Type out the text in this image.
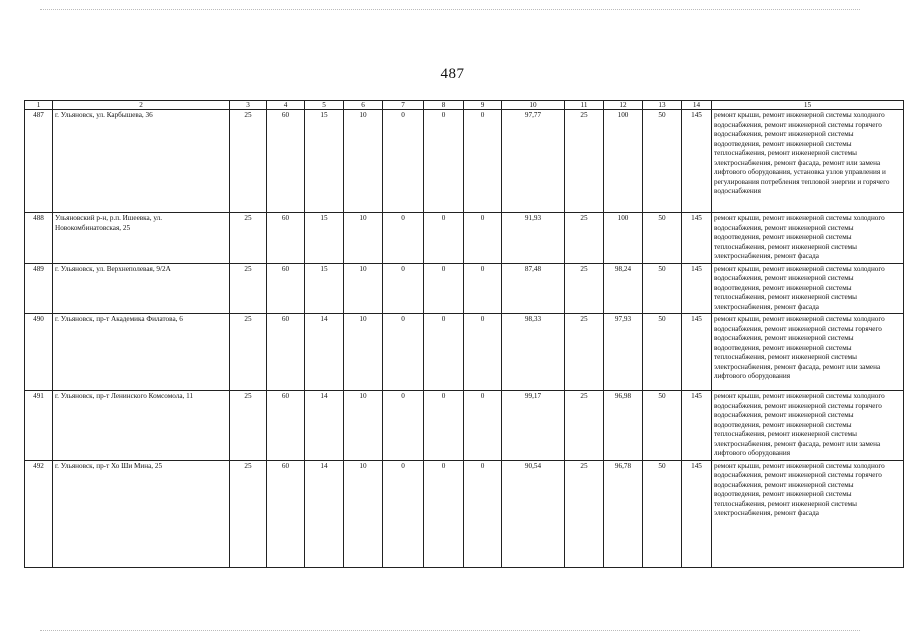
487
1	2	3	4	5	6	7	8	9	10	11	12	13	14	15
487	г. Ульяновск, ул. Карбышева, 36	25	60	15	10	0	0	0	97,77	25	100	50	145	ремонт крыши, ремонт инженерной системы холодного водоснабжения, ремонт инженерной системы горячего водоснабжения, ремонт инженерной системы водоотведения, ремонт инженерной системы теплоснабжения, ремонт инженерной системы электроснабжения, ремонт фасада, ремонт или замена лифтового оборудования, установка узлов управления и регулирования потребления тепловой энергии и горячего водоснабжения
488	Ульяновский р-н, р.п. Ишеевка, ул. Новокомбинатовская, 25	25	60	15	10	0	0	0	91,93	25	100	50	145	ремонт крыши, ремонт инженерной системы холодного водоснабжения, ремонт инженерной системы водоотведения, ремонт инженерной системы теплоснабжения, ремонт инженерной системы электроснабжения, ремонт фасада
489	г. Ульяновск, ул. Верхнеполевая, 9/2А	25	60	15	10	0	0	0	87,48	25	98,24	50	145	ремонт крыши, ремонт инженерной системы холодного водоснабжения, ремонт инженерной системы водоотведения, ремонт инженерной системы теплоснабжения, ремонт инженерной системы электроснабжения, ремонт фасада
490	г. Ульяновск, пр-т Академика Филатова, 6	25	60	14	10	0	0	0	98,33	25	97,93	50	145	ремонт крыши, ремонт инженерной системы холодного водоснабжения, ремонт инженерной системы горячего водоснабжения, ремонт инженерной системы водоотведения, ремонт инженерной системы теплоснабжения, ремонт инженерной системы электроснабжения, ремонт фасада, ремонт или замена лифтового оборудования
491	г. Ульяновск, пр-т Ленинского Комсомола, 11	25	60	14	10	0	0	0	99,17	25	96,98	50	145	ремонт крыши, ремонт инженерной системы холодного водоснабжения, ремонт инженерной системы горячего водоснабжения, ремонт инженерной системы водоотведения, ремонт инженерной системы теплоснабжения, ремонт инженерной системы электроснабжения, ремонт фасада, ремонт или замена лифтового оборудования
492	г. Ульяновск, пр-т Хо Ши Мина, 25	25	60	14	10	0	0	0	90,54	25	96,78	50	145	ремонт крыши, ремонт инженерной системы холодного водоснабжения, ремонт инженерной системы горячего водоснабжения, ремонт инженерной системы водоотведения, ремонт инженерной системы теплоснабжения, ремонт инженерной системы электроснабжения, ремонт фасада
